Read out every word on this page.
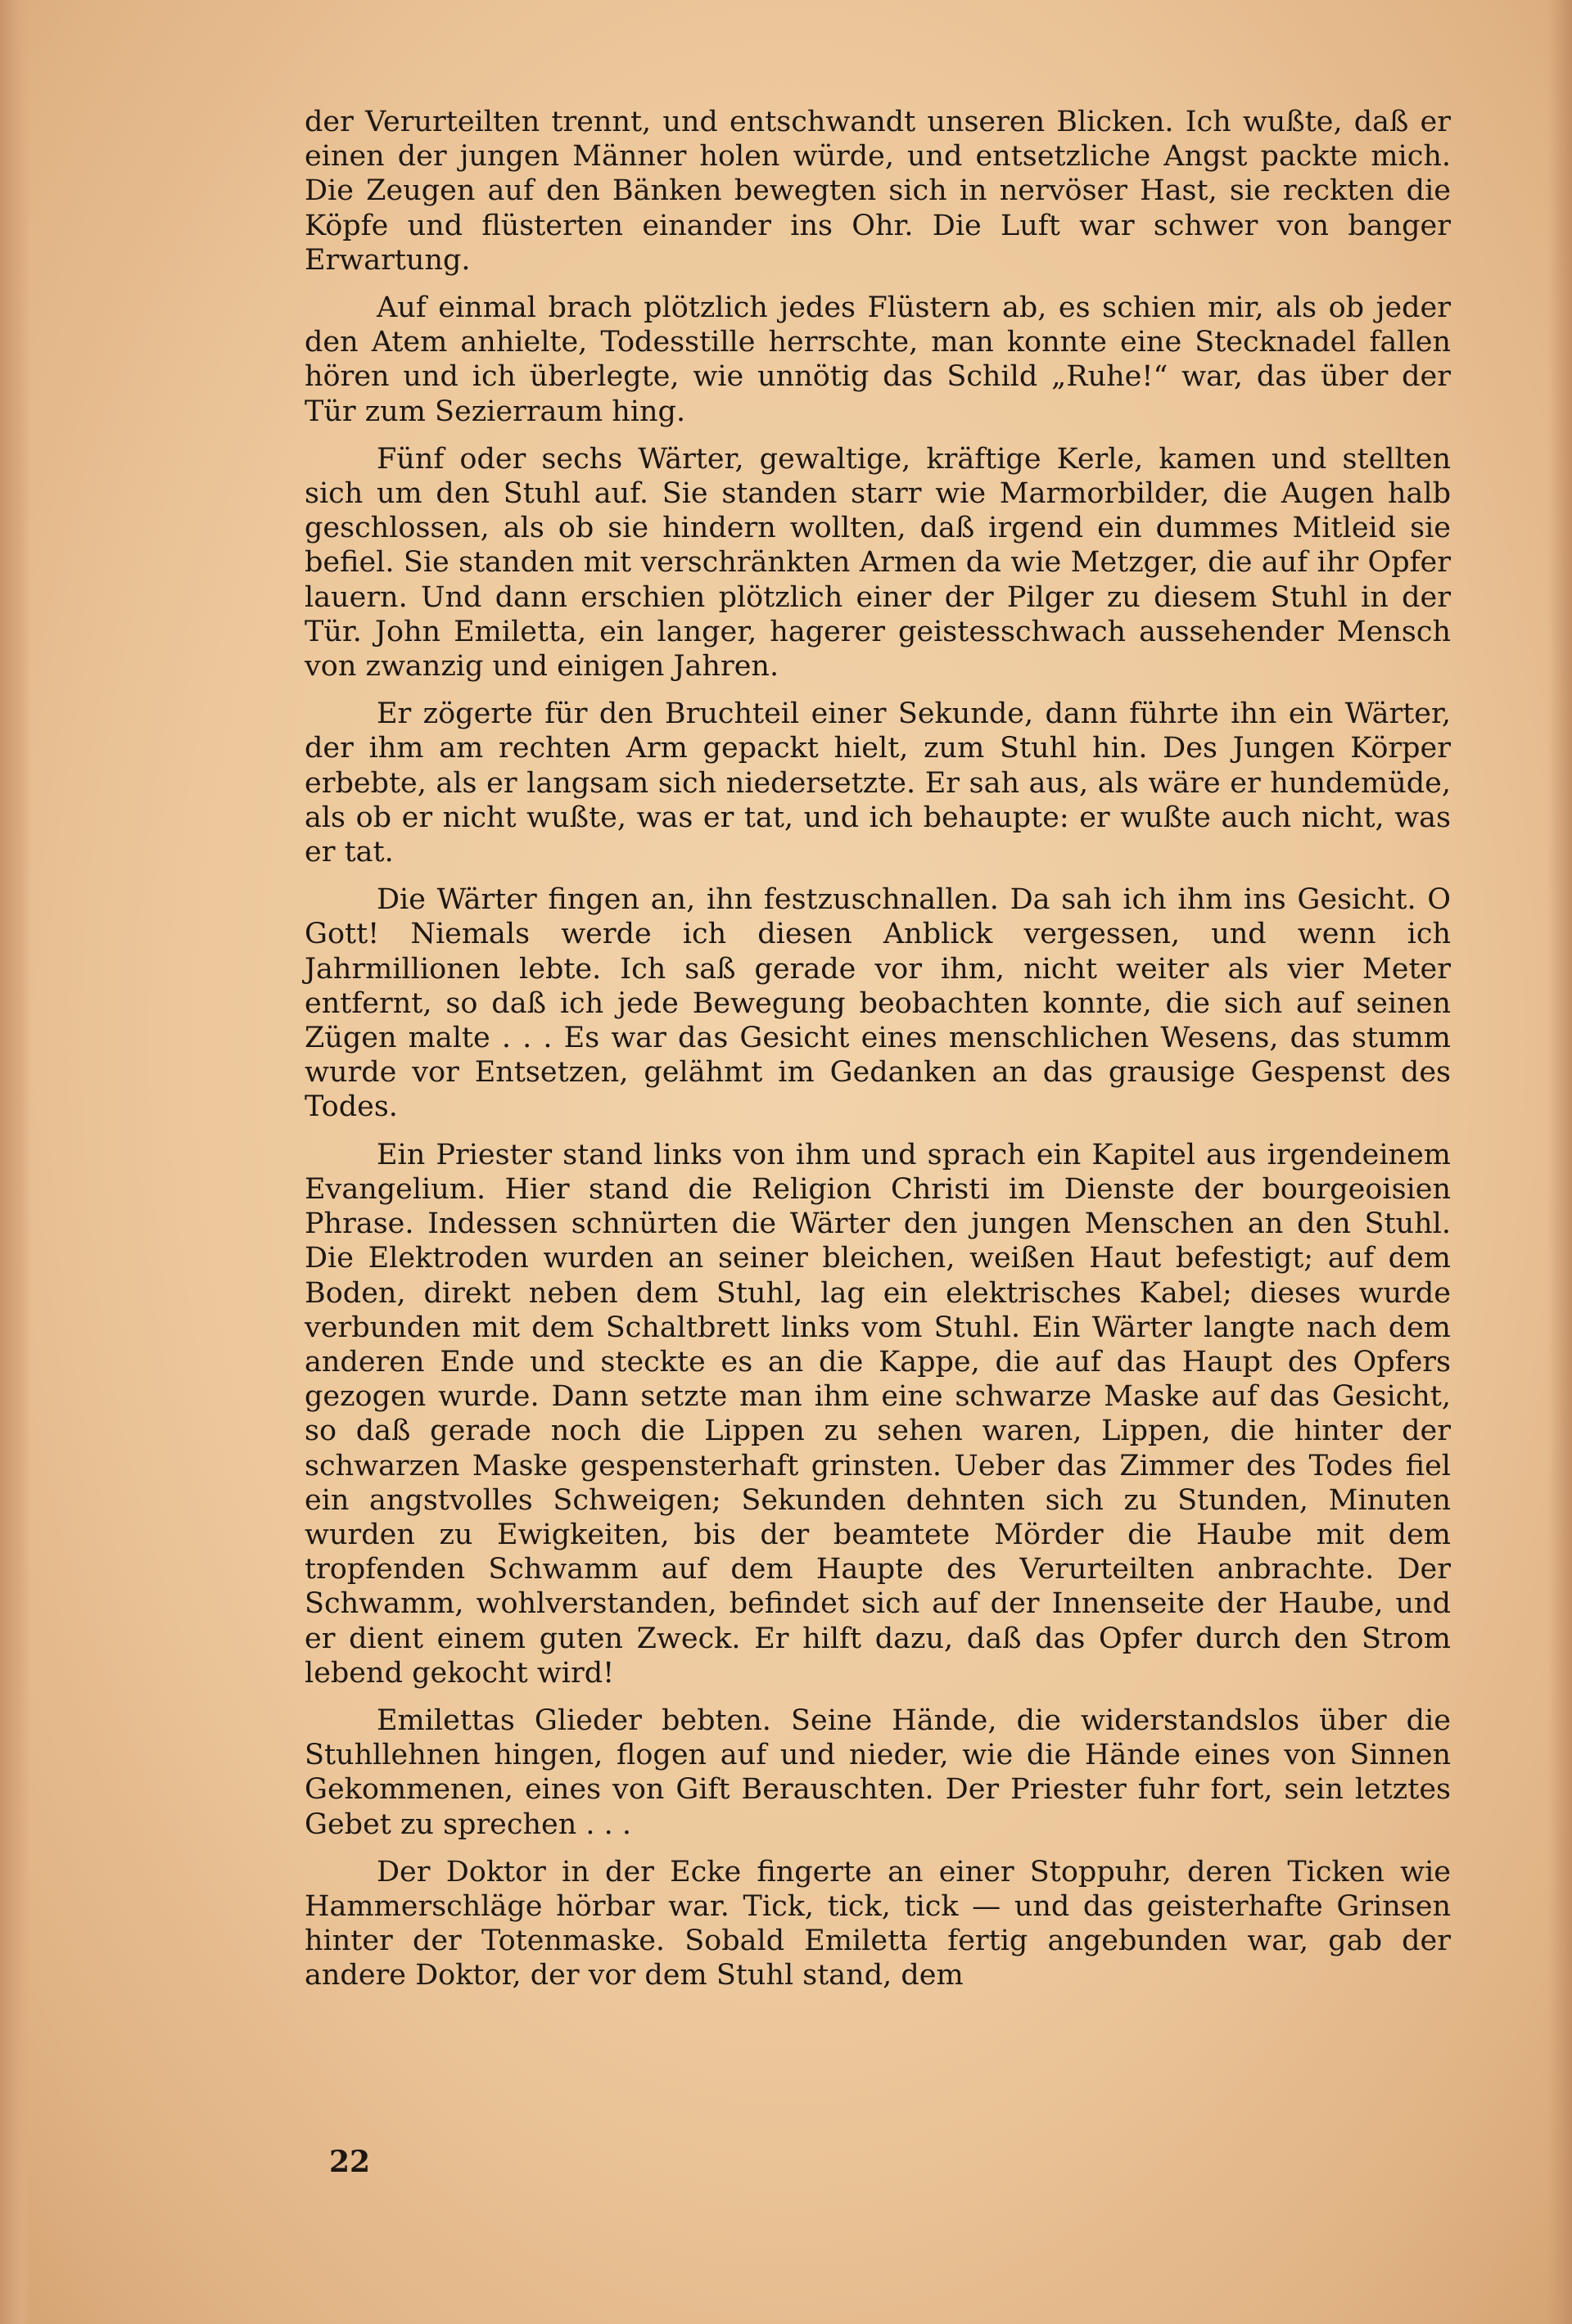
der Verurteilten trennt, und entschwandt unseren Blicken. Ich wußte, daß er einen der jungen Männer holen würde, und entsetzliche Angst packte mich. Die Zeugen auf den Bänken bewegten sich in nervöser Hast, sie reckten die Köpfe und flüsterten einander ins Ohr. Die Luft war schwer von banger Erwartung.

Auf einmal brach plötzlich jedes Flüstern ab, es schien mir, als ob jeder den Atem anhielte, Todesstille herrschte, man konnte eine Stecknadel fallen hören und ich überlegte, wie unnötig das Schild „Ruhe!“ war, das über der Tür zum Sezierraum hing.

Fünf oder sechs Wärter, gewaltige, kräftige Kerle, kamen und stellten sich um den Stuhl auf. Sie standen starr wie Marmorbilder, die Augen halb geschlossen, als ob sie hindern wollten, daß irgend ein dummes Mitleid sie befiel. Sie standen mit verschränkten Armen da wie Metzger, die auf ihr Opfer lauern. Und dann erschien plötzlich einer der Pilger zu diesem Stuhl in der Tür. John Emiletta, ein langer, hagerer geistesschwach aussehender Mensch von zwanzig und einigen Jahren.

Er zögerte für den Bruchteil einer Sekunde, dann führte ihn ein Wärter, der ihm am rechten Arm gepackt hielt, zum Stuhl hin. Des Jungen Körper erbebte, als er langsam sich niedersetzte. Er sah aus, als wäre er hundemüde, als ob er nicht wußte, was er tat, und ich behaupte: er wußte auch nicht, was er tat.

Die Wärter fingen an, ihn festzuschnallen. Da sah ich ihm ins Gesicht. O Gott! Niemals werde ich diesen Anblick vergessen, und wenn ich Jahrmillionen lebte. Ich saß gerade vor ihm, nicht weiter als vier Meter entfernt, so daß ich jede Bewegung beobachten konnte, die sich auf seinen Zügen malte . . . Es war das Gesicht eines menschlichen Wesens, das stumm wurde vor Entsetzen, gelähmt im Gedanken an das grausige Gespenst des Todes.

Ein Priester stand links von ihm und sprach ein Kapitel aus irgendeinem Evangelium. Hier stand die Religion Christi im Dienste der bourgeoisien Phrase. Indessen schnürten die Wärter den jungen Menschen an den Stuhl. Die Elektroden wurden an seiner bleichen, weißen Haut befestigt; auf dem Boden, direkt neben dem Stuhl, lag ein elektrisches Kabel; dieses wurde verbunden mit dem Schaltbrett links vom Stuhl. Ein Wärter langte nach dem anderen Ende und steckte es an die Kappe, die auf das Haupt des Opfers gezogen wurde. Dann setzte man ihm eine schwarze Maske auf das Gesicht, so daß gerade noch die Lippen zu sehen waren, Lippen, die hinter der schwarzen Maske gespensterhaft grinsten. Ueber das Zimmer des Todes fiel ein angstvolles Schweigen; Sekunden dehnten sich zu Stunden, Minuten wurden zu Ewigkeiten, bis der beamtete Mörder die Haube mit dem tropfenden Schwamm auf dem Haupte des Verurteilten anbrachte. Der Schwamm, wohlverstanden, befindet sich auf der Innenseite der Haube, und er dient einem guten Zweck. Er hilft dazu, daß das Opfer durch den Strom lebend gekocht wird!

Emilettas Glieder bebten. Seine Hände, die widerstandslos über die Stuhllehnen hingen, flogen auf und nieder, wie die Hände eines von Sinnen Gekommenen, eines von Gift Berauschten. Der Priester fuhr fort, sein letztes Gebet zu sprechen . . .

Der Doktor in der Ecke fingerte an einer Stoppuhr, deren Ticken wie Hammerschläge hörbar war. Tick, tick, tick — und das geisterhafte Grinsen hinter der Totenmaske. Sobald Emiletta fertig angebunden war, gab der andere Doktor, der vor dem Stuhl stand, dem

22
